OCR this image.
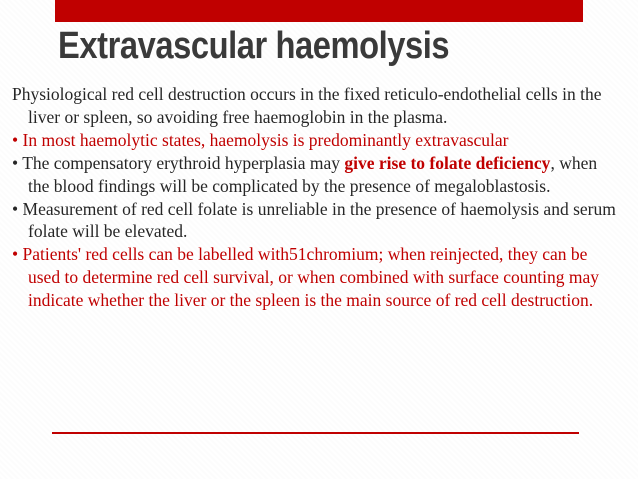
Extravascular haemolysis

Physiological red cell destruction occurs in the fixed reticulo-endothelial cells in the liver or spleen, so avoiding free haemoglobin in the plasma.

• In most haemolytic states, haemolysis is predominantly extravascular

• The compensatory erythroid hyperplasia may give rise to folate deficiency, when the blood findings will be complicated by the presence of megaloblastosis.

• Measurement of red cell folate is unreliable in the presence of haemolysis and serum folate will be elevated.

• Patients' red cells can be labelled with51chromium; when reinjected, they can be used to determine red cell survival, or when combined with surface counting may indicate whether the liver or the spleen is the main source of red cell destruction.
